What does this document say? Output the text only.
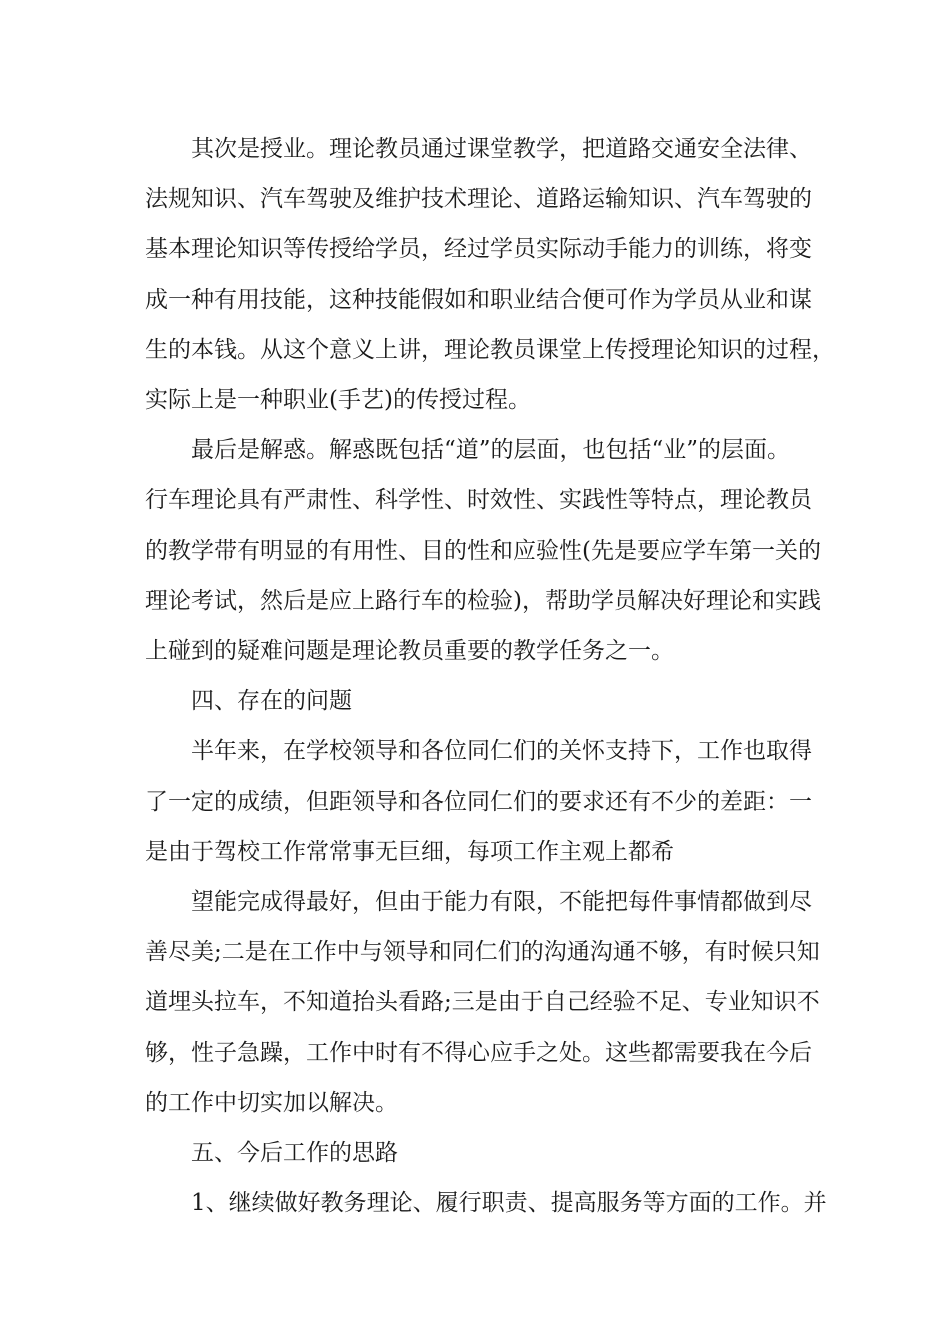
其次是授业。理论教员通过课堂教学，把道路交通安全法律、
法规知识、汽车驾驶及维护技术理论、道路运输知识、汽车驾驶的
基本理论知识等传授给学员，经过学员实际动手能力的训练，将变
成一种有用技能，这种技能假如和职业结合便可作为学员从业和谋
生的本钱。从这个意义上讲，理论教员课堂上传授理论知识的过程，
实际上是一种职业(手艺)的传授过程。
最后是解惑。解惑既包括“道”的层面，也包括“业”的层面。
行车理论具有严肃性、科学性、时效性、实践性等特点，理论教员
的教学带有明显的有用性、目的性和应验性(先是要应学车第一关的
理论考试，然后是应上路行车的检验)，帮助学员解决好理论和实践
上碰到的疑难问题是理论教员重要的教学任务之一。
四、存在的问题
半年来，在学校领导和各位同仁们的关怀支持下，工作也取得
了一定的成绩，但距领导和各位同仁们的要求还有不少的差距：一
是由于驾校工作常常事无巨细，每项工作主观上都希
望能完成得最好，但由于能力有限，不能把每件事情都做到尽
善尽美;二是在工作中与领导和同仁们的沟通沟通不够，有时候只知
道埋头拉车，不知道抬头看路;三是由于自己经验不足、专业知识不
够，性子急躁，工作中时有不得心应手之处。这些都需要我在今后
的工作中切实加以解决。
五、今后工作的思路
1、继续做好教务理论、履行职责、提高服务等方面的工作。并
